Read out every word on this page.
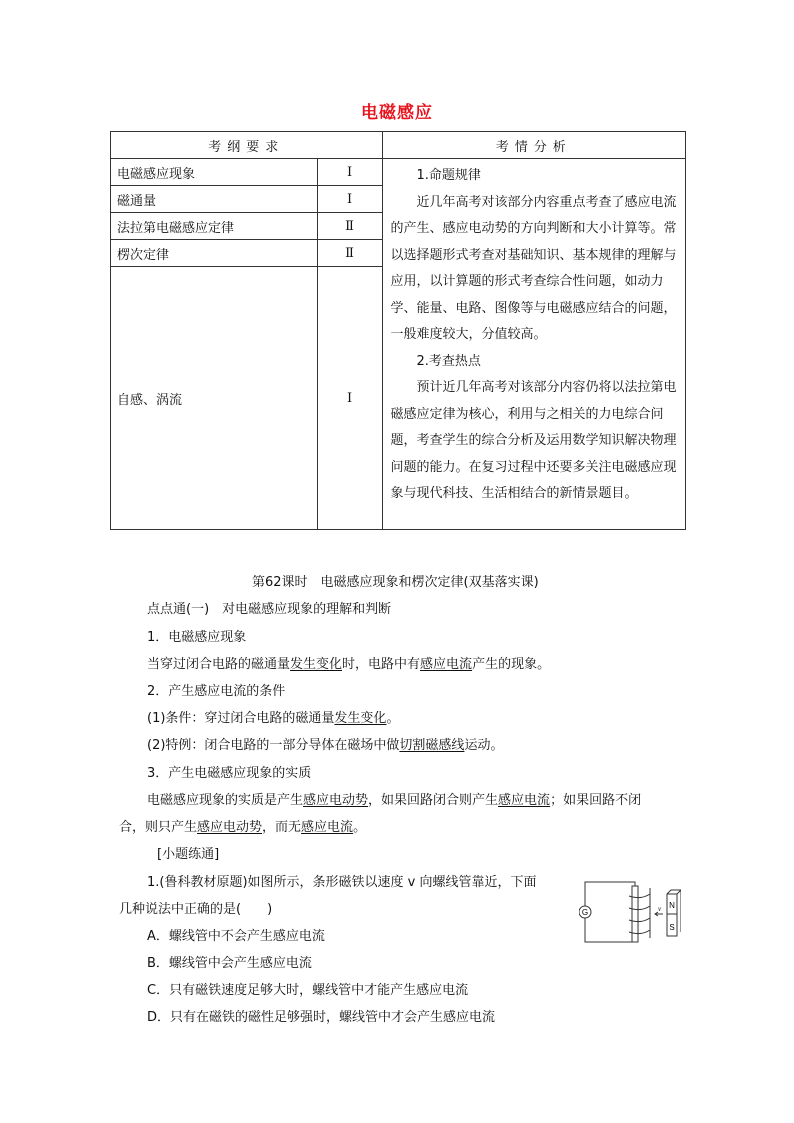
电磁感应
考纲要求		考情分析
电磁感应现象	Ⅰ	1.命题规律

近几年高考对该部分内容重点考查了感应电流的产生、感应电动势的方向判断和大小计算等。常以选择题形式考查对基础知识、基本规律的理解与应用，以计算题的形式考查综合性问题，如动力学、能量、电路、图像等与电磁感应结合的问题，一般难度较大，分值较高。

2.考查热点

预计近几年高考对该部分内容仍将以法拉第电磁感应定律为核心，利用与之相关的力电综合问题，考查学生的综合分析及运用数学知识解决物理问题的能力。在复习过程中还要多关注电磁感应现象与现代科技、生活相结合的新情景题目。

磁通量	Ⅰ	
法拉第电磁感应定律	Ⅱ	
楞次定律	Ⅱ	
自感、涡流	Ⅰ	
第62课时　电磁感应现象和楞次定律(双基落实课)
点点通(一)　对电磁感应现象的理解和判断
1．电磁感应现象
当穿过闭合电路的磁通量发生变化时，电路中有感应电流产生的现象。
2．产生感应电流的条件
(1)条件：穿过闭合电路的磁通量发生变化。
(2)特例：闭合电路的一部分导体在磁场中做切割磁感线运动。
3．产生电磁感应现象的实质
电磁感应现象的实质是产生感应电动势，如果回路闭合则产生感应电流；如果回路不闭
合，则只产生感应电动势，而无感应电流。
[小题练通]
1.(鲁科教材原题)如图所示，条形磁铁以速度 v 向螺线管靠近，下面
几种说法中正确的是(　　)
A．螺线管中不会产生感应电流
B．螺线管中会产生感应电流
C．只有磁铁速度足够大时，螺线管中才能产生感应电流
D．只有在磁铁的磁性足够强时，螺线管中才会产生感应电流
G	v N
S
